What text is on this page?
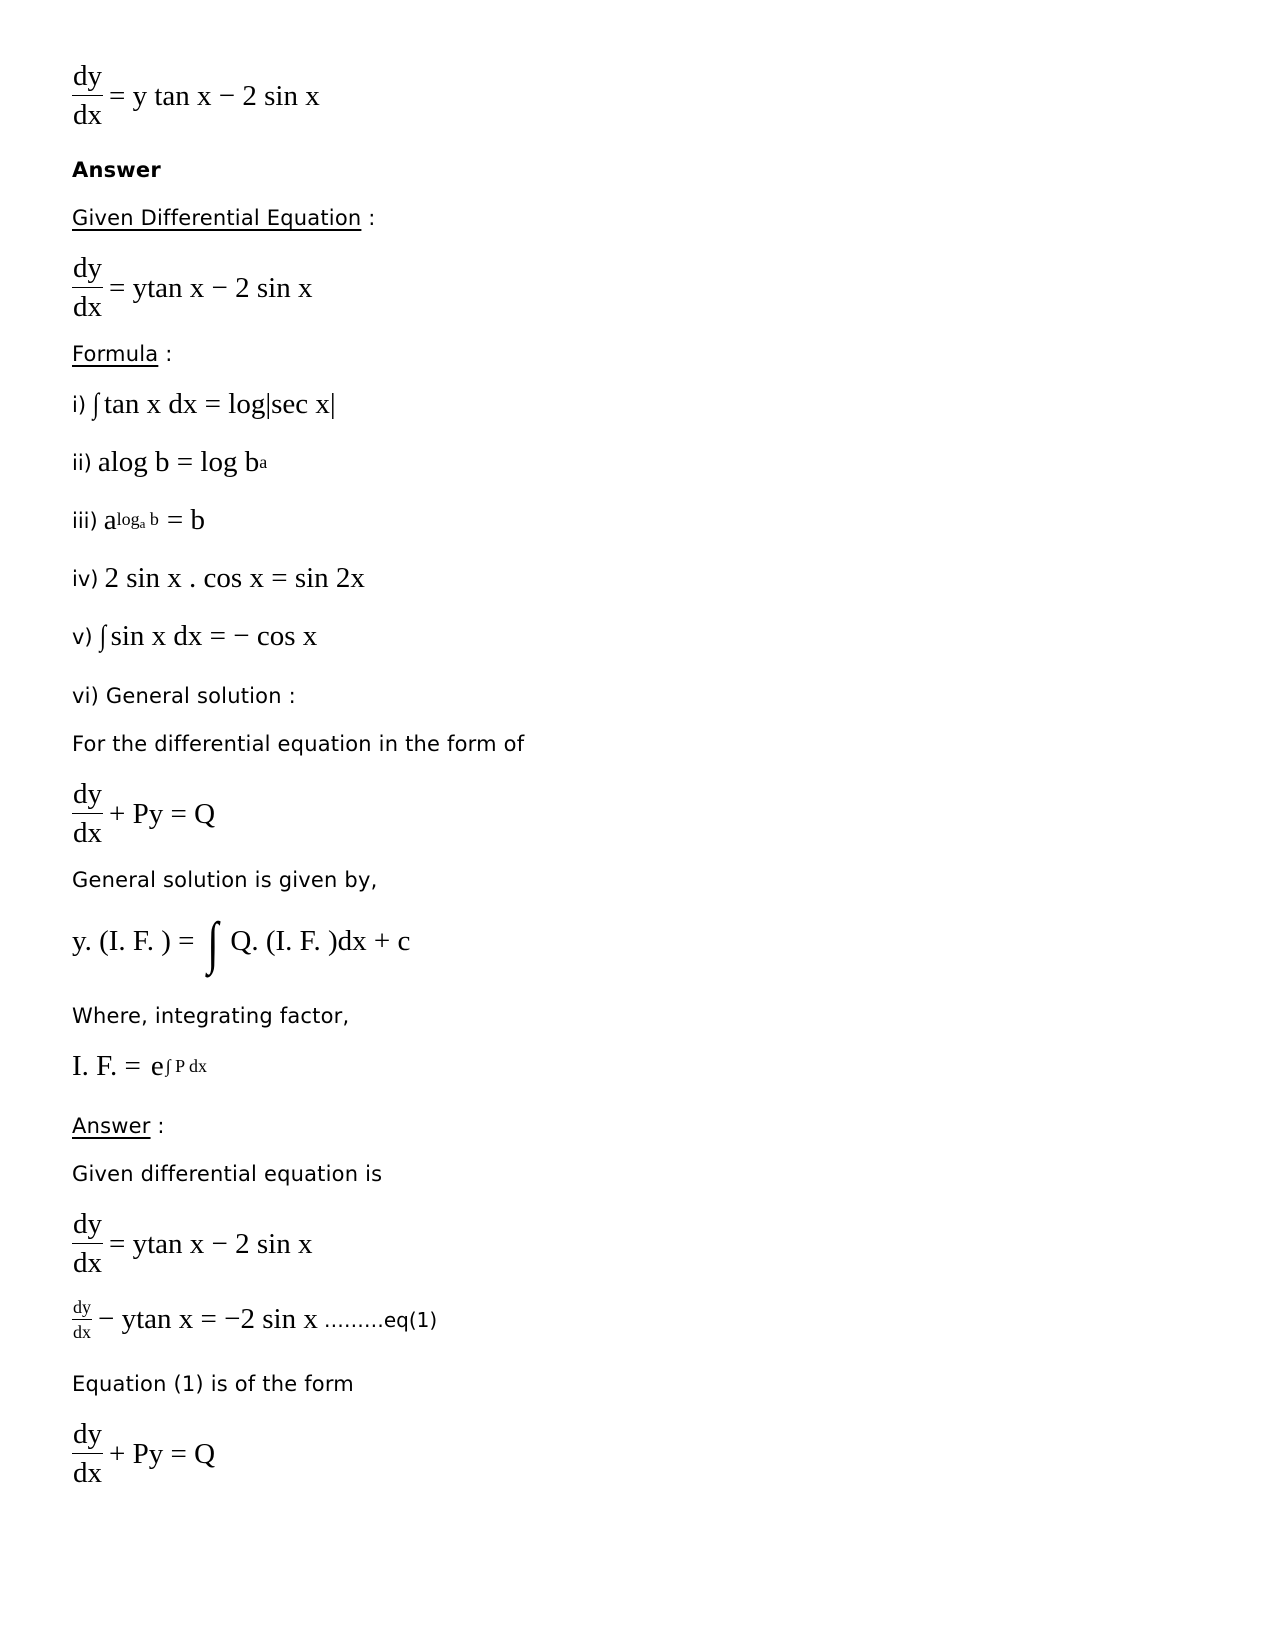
$\frac{dy}{dx} = y$ tan x − 2 sin x
Answer
Given Differential Equation :
$\frac{dy}{dx} = ytan$ x − 2 sin x
Formula :
i) ∫ tan x dx = log|sec x|
ii) alog b = log b a
iii) a loga b = b
iv) 2 sin x . cos x = sin 2x
v) ∫ sin x dx = − cos x
vi) General solution :
For the differential equation in the form of
$\frac{dy}{dx} + Py = Q$
General solution is given by,
y. (I. F. ) = ∫ Q. (I. F. )dx + c
Where, integrating factor,
I. F. = e ∫ P dx
Answer :
Given differential equation is
$\frac{dy}{dx} = ytan$ x − 2 sin x
$\frac{dy}{dx} - ytan$ x = −2 sin x ………eq(1)
Equation (1) is of the form
$\frac{dy}{dx} + Py = Q$
